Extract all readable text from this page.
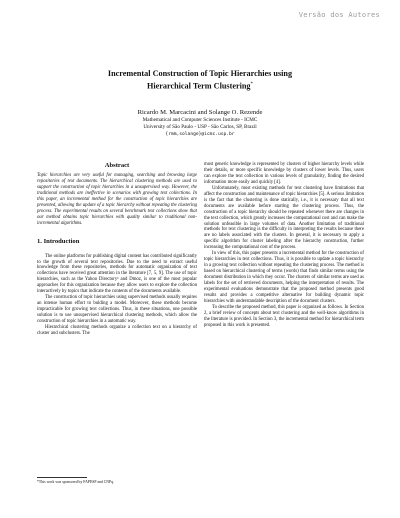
Versão dos Autores
Incremental Construction of Topic Hierarchies using
Hierarchical Term Clustering*
Ricardo M. Marcacini and Solange O. Rezende
Mathematical and Computer Sciences Institute - ICMC
University of São Paulo - USP - São Carlos, SP, Brazil
{rmm,solange}@icmc.usp.br
Abstract

Topic hierarchies are very useful for managing, searching and browsing large repositories of text documents. The hierarchical clustering methods are used to support the construction of topic hierarchies in a unsupervised way. However, the traditional methods are ineffective in scenarios with growing text collections. In this paper, an incremental method for the construction of topic hierarchies are presented, allowing the update of a topic hierarchy without repeating the clustering process. The experimental results on several benchmark text collections show that our method obtains topic hierarchies with quality similar to traditional non-incremental algorithms.

1. Introduction

The online platforms for publishing digital content has contributed significantly to the growth of several text repositories. Due to the need to extract useful knowledge from these repositories, methods for automatic organization of text collections have received great attention in the literature [7, 5, 9]. The use of topic hierarchies, such as the Yahoo Directory¹ and Dmoz, is one of the most popular approaches for this organization because they allow users to explore the collection interactively by topics that indicate the contents of the documents available.

The construction of topic hierarchies using supervised methods usually requires an intense human effort to bulding a model. Moreover, these methods become impracticable for growing text collections. Thus, in these situations, one possible solution is to use unsupervised hierarchical clustering methods, which allow the construction of topic hierarchies in a automatic way.

Hierarchical clustering methods organize a collection text on a hierarchy of cluster and subclusters. The

most generic knowledge is represented by clusters of higher hierarchy levels while their details, or more specific knowledge by clusters of lower levels. Thus, users can explore the text collection in various levels of granularity, finding the desired information more easily and quickly [4].

Unfortunately, most existing methods for text clustering have limitations that affect the construction and maintenance of topic hierarchies [5]. A serious limitation is the fact that the clustering is done statically, i.e., it is necessary that all text documents are available before starting the clustering process. Thus, the construction of a topic hierarchy should be repeated whenever there are changes in the text collection, which greatly increases the computational cost and can make the solution unfeasible in large volumes of data. Another limitation of traditional methods for text clustering is the difficulty in interpreting the results because there are no labels associated with the clusters. In general, it is necessary to apply a specific algorithm for cluster labeling after the hierarchy construction, further increasing the computational cost of the process.

In view of this, this paper presents a incremental method for the construction of topic hierarchies in text collections. Thus, it is possible to update a topic hierarchy in a growing text collection without repeating the clustering process. The method is based on hierarchical clustering of terms (words) that finds similar terms using the document distribution in which they occur. The clusters of similar terms are used as labels for the set of retrieved documents, helping the interpretation of results. The experimental evaluations demonstrate that the proposed method presents good results and provides a competitive alternative for building dynamic topic hierarchies with understandable description of the document clusters.

To describe the proposed method, this paper is organized as follows. In Section 2, a brief review of concepts about text clustering and the well-know algorithms in the literature is provided. In Section 3, the incremental method for hierarchical term proposed in this work is presented.

*This work was sponsored by FAPESP and CNPq.
